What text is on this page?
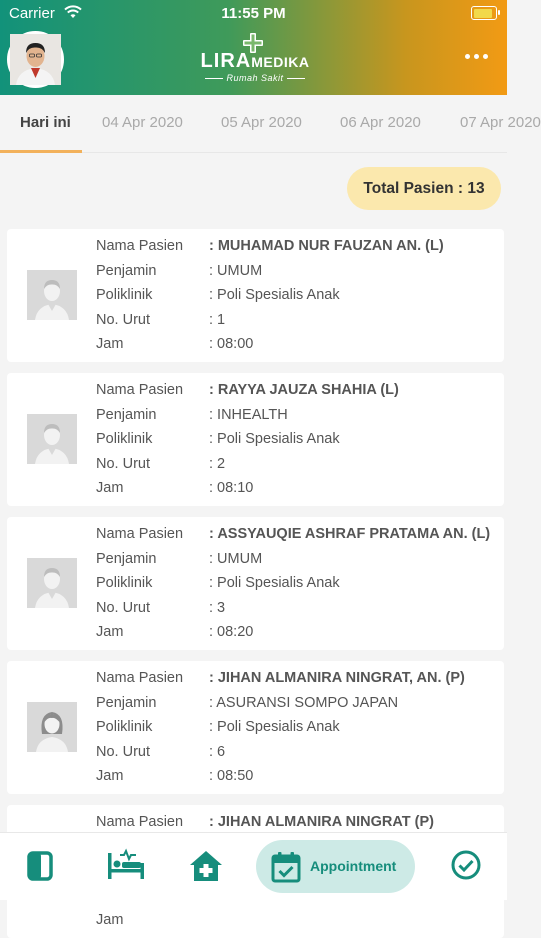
Carrier	11:55 PM
LIRAMEDIKA
Rumah Sakit
Hari ini 04 Apr 2020	05 Apr 2020	06 Apr 2020	07 Apr 2020
Total Pasien : 13
Nama Pasien : MUHAMAD NUR FAUZAN AN. (L)
Penjamin	: UMUM
Poliklinik	: Poli Spesialis Anak
No. Urut	: 1
Jam	: 08:00
Nama Pasien : RAYYA JAUZA SHAHIA (L)
Penjamin	: INHEALTH
Poliklinik	: Poli Spesialis Anak
No. Urut	: 2
Jam	: 08:10
Nama Pasien : ASSYAUQIE ASHRAF PRATAMA AN. (L)
Penjamin	: UMUM
Poliklinik	: Poli Spesialis Anak
No. Urut	: 3
Jam	: 08:20
Nama Pasien : JIHAN ALMANIRA NINGRAT, AN. (P)
Penjamin	: ASURANSI SOMPO JAPAN
Poliklinik	: Poli Spesialis Anak
No. Urut	: 6
Jam	: 08:50
Nama Pasien : JIHAN ALMANIRA NINGRAT (P)
Jam
Appointment
